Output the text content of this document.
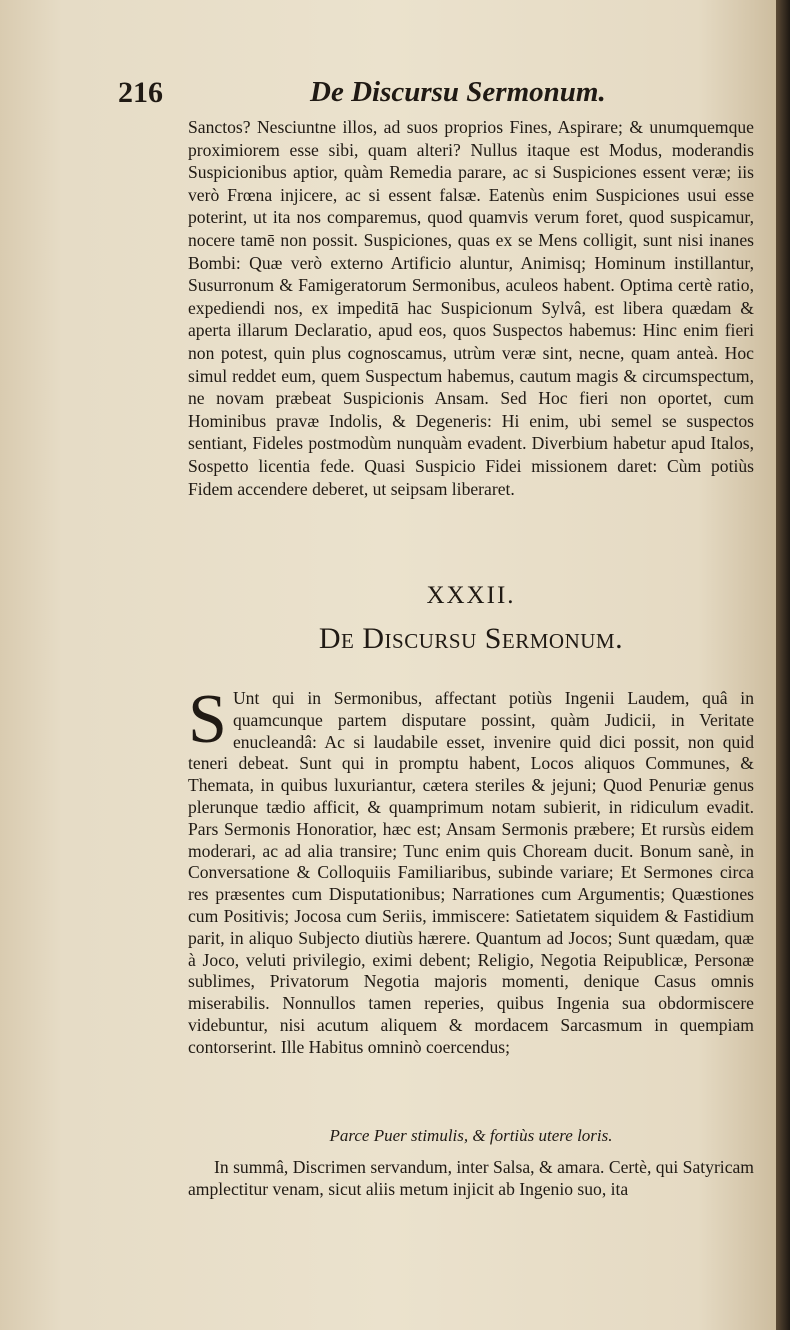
216	De Discursu Sermonum.

Sanctos? Nesciuntne illos, ad suos proprios Fines, Aspirare; & unumquemque proximiorem esse sibi, quam alteri? Nullus itaque est Modus, moderandis Suspicionibus aptior, quàm Remedia parare, ac si Suspiciones essent veræ; iis verò Frœna injicere, ac si essent falsæ. Eatenùs enim Suspiciones usui esse poterint, ut ita nos comparemus, quod quamvis verum foret, quod suspicamur, nocere tamē non possit. Suspiciones, quas ex se Mens colligit, sunt nisi inanes Bombi: Quæ verò externo Artificio aluntur, Animisq; Hominum instillantur, Susurronum & Famigeratorum Sermonibus, aculeos habent. Optima certè ratio, expediendi nos, ex impeditā hac Suspicionum Sylvâ, est libera quædam & aperta illarum Declaratio, apud eos, quos Suspectos habemus: Hinc enim fieri non potest, quin plus cognoscamus, utrùm veræ sint, necne, quam anteà. Hoc simul reddet eum, quem Suspectum habemus, cautum magis & circumspectum, ne novam præbeat Suspicionis Ansam. Sed Hoc fieri non oportet, cum Hominibus pravæ Indolis, & Degeneris: Hi enim, ubi semel se suspectos sentiant, Fideles postmodùm nunquàm evadent. Diverbium habetur apud Italos, Sospetto licentia fede. Quasi Suspicio Fidei missionem daret: Cùm potiùs Fidem accendere deberet, ut seipsam liberaret.

XXXII.
De Discursu Sermonum.

S Unt qui in Sermonibus, affectant potiùs Ingenii Laudem, quâ in quamcunque partem disputare possint, quàm Judicii, in Veritate enucleandâ: Ac si laudabile esset, invenire quid dici possit, non quid teneri debeat. Sunt qui in promptu habent, Locos aliquos Communes, & Themata, in quibus luxuriantur, cætera steriles & jejuni; Quod Penuriæ genus plerunque tædio afficit, & quamprimum notam subierit, in ridiculum evadit. Pars Sermonis Honoratior, hæc est; Ansam Sermonis præbere; Et rursùs eidem moderari, ac ad alia transire; Tunc enim quis Choream ducit. Bonum sanè, in Conversatione & Colloquiis Familiaribus, subinde variare; Et Sermones circa res præsentes cum Disputationibus; Narrationes cum Argumentis; Quæstiones cum Positivis; Jocosa cum Seriis, immiscere: Satietatem siquidem & Fastidium parit, in aliquo Subjecto diutiùs hærere. Quantum ad Jocos; Sunt quædam, quæ à Joco, veluti privilegio, eximi debent; Religio, Negotia Reipublicæ, Personæ sublimes, Privatorum Negotia majoris momenti, denique Casus omnis miserabilis. Nonnullos tamen reperies, quibus Ingenia sua obdormiscere videbuntur, nisi acutum aliquem & mordacem Sarcasmum in quempiam contorserint. Ille Habitus omninò coercendus;

Parce Puer stimulis, & fortiùs utere loris.

In summâ, Discrimen servandum, inter Salsa, & amara. Certè, qui Satyricam amplectitur venam, sicut aliis metum injicit ab Ingenio suo, ita
